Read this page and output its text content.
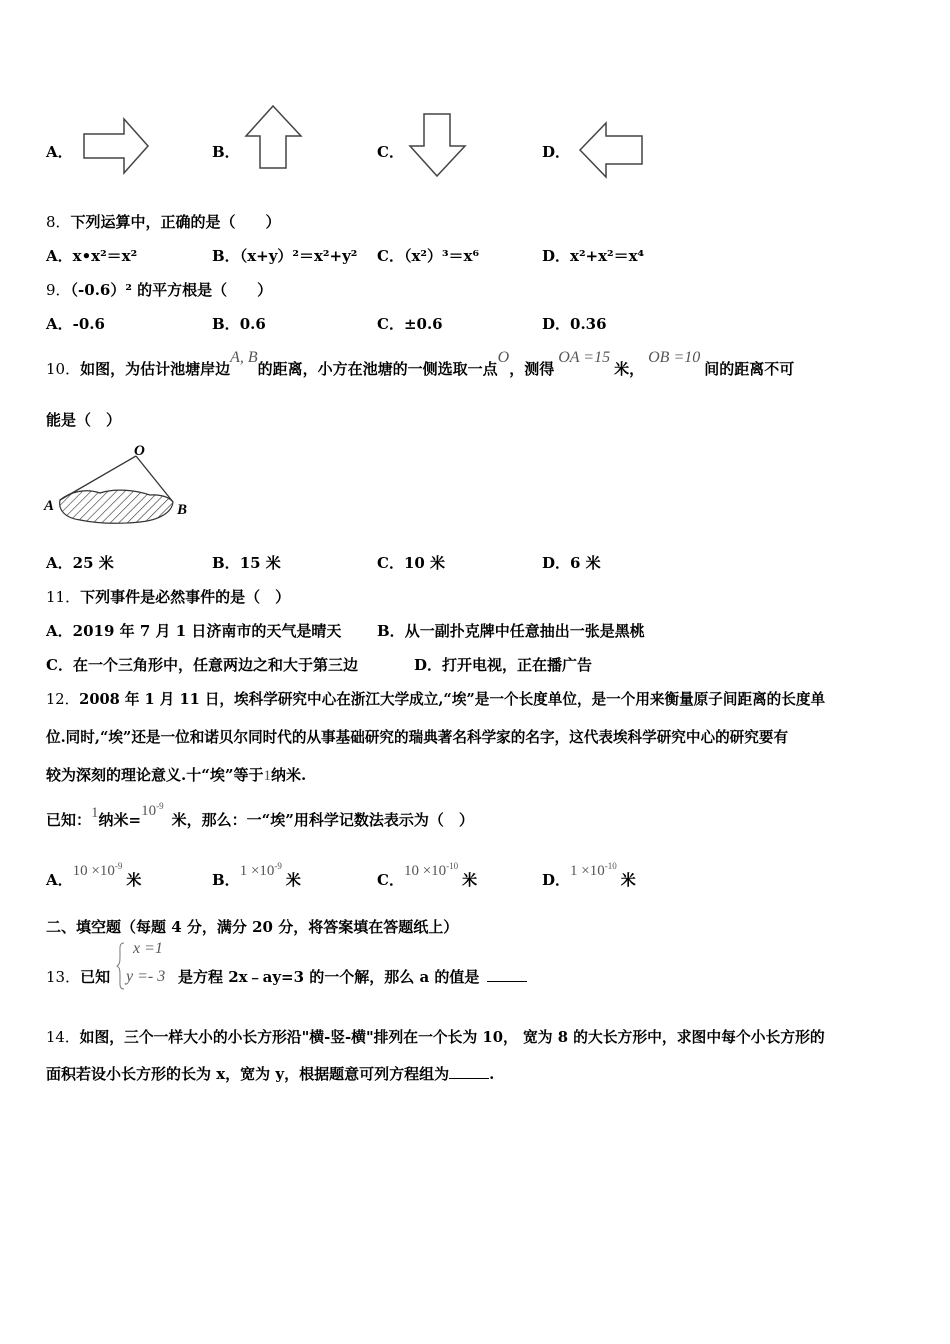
A．	B．	C．	D．
8．下列运算中，正确的是（　　）
A．x•x²＝x²	B．（x+y）²＝x²+y² C．（x²）³＝x⁶	D．x²+x²＝x⁴
9．（-0.6）² 的平方根是（　　）
A．-0.6	B．0.6	C．±0.6	D．0.36
10．如图，为估计池塘岸边A, B的距离，小方在池塘的一侧选取一点O，测得OA =15米，OB =10间的距离不可
能是（　）
O
A	B
A．25 米	B．15 米	C．10 米	D．6 米
11．下列事件是必然事件的是（　）
A．2019 年 7 月 1 日济南市的天气是晴天 B．从一副扑克牌中任意抽出一张是黑桃
C．在一个三角形中，任意两边之和大于第三边	D．打开电视，正在播广告
12．2008 年 1 月 11 日，埃科学研究中心在浙江大学成立,“埃”是一个长度单位，是一个用来衡量原子间距离的长度单
位.同时,“埃”还是一位和诺贝尔同时代的从事基础研究的瑞典著名科学家的名字，这代表埃科学研究中心的研究要有
较为深刻的理论意义.十“埃”等于1纳米.
已知：1纳米$=10^{-9}$米，那么：一“埃”用科学记数法表示为（　）
A．$10 \times 10^{-9}$米	B．$1 \times 10^{-9}$米	C．$10 \times 10^{-10}$米	D．$1 \times 10^{-10}$米
二、填空题（每题 4 分，满分 20 分，将答案填在答题纸上）
13．已知
x =1
y =- 3 是方程 2x﹣ay=3 的一个解，那么 a 的值是
14．如图，三个一样大小的小长方形沿"横-竖-横"排列在一个长为 10， 宽为 8 的大长方形中，求图中每个小长方形的
面积若设小长方形的长为 x，宽为 y，根据题意可列方程组为	.
